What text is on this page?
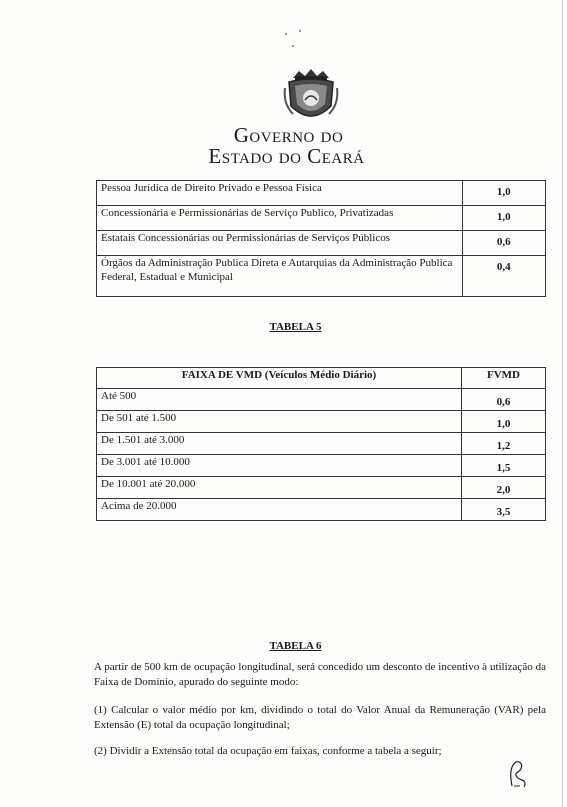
Governo do
Estado do Ceará
Pessoa Jurídica de Direito Privado e Pessoa Física	1,0
Concessionária e Permissionárias de Serviço Publico, Privatizadas	1,0
Estatais Concessionárias ou Permissionárias de Serviços Públicos	0,6
Órgãos da Administração Publica Direta e Autarquias da Administração Publica Federal, Estadual e Municipal	0,4
TABELA 5
FAIXA DE VMD (Veículos Médio Diário)	FVMD
Até 500	0,6
De 501 até 1.500	1,0
De 1.501 até 3.000	1,2
De 3.001 até 10.000	1,5
De 10.001 até 20.000	2,0
Acima de 20.000	3,5
TABELA 6

A partir de 500 km de ocupação longitudinal, será concedido um desconto de incentivo à utilização da Faixa de Domínio, apurado do seguinte modo:

(1) Calcular o valor médio por km, dividindo o total do Valor Anual da Remuneração (VAR) pela Extensão (E) total da ocupação longitudinal;

(2) Dividir a Extensão total da ocupação em faixas, conforme a tabela a seguir;
